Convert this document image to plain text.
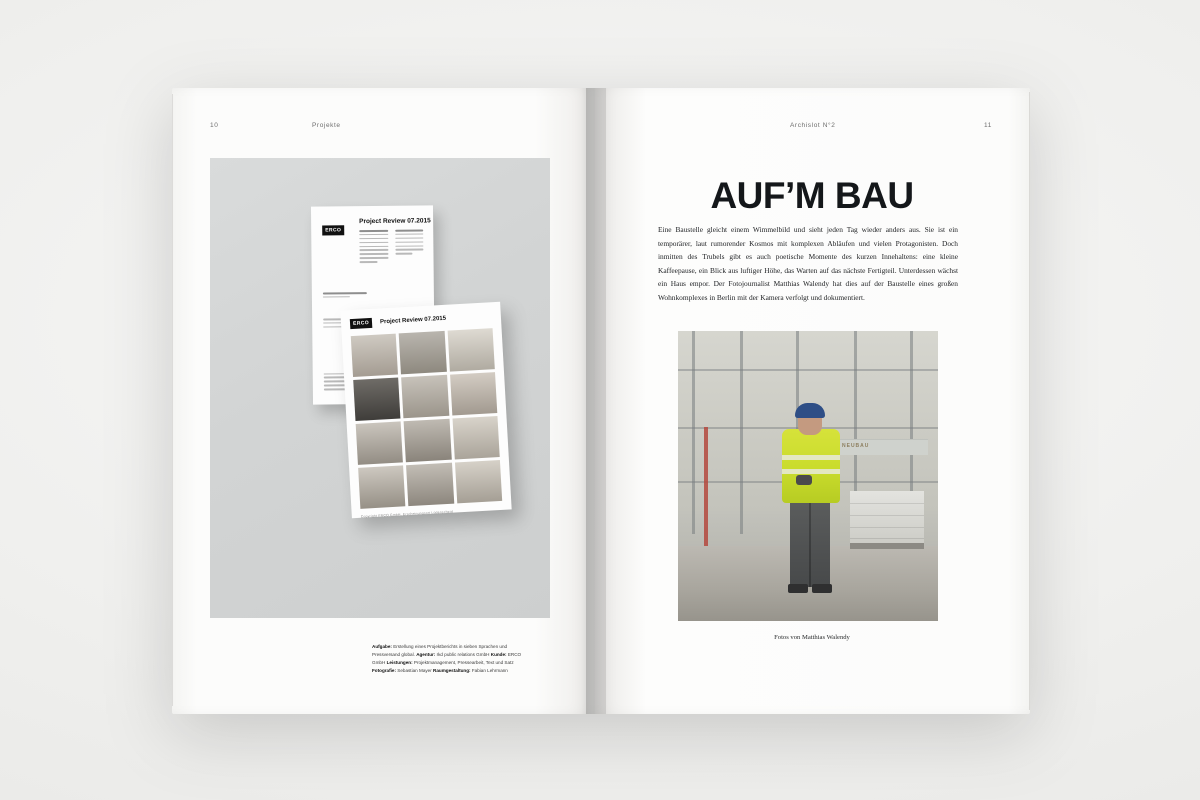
10	Projekte
ERCO
Project Review 07.2015
ERCO	Project Review 07.2015
Copyright ERCO GmbH, Erscheinungsort Lüdenscheid
Aufgabe: Erstellung eines Projektberichts in sieben Sprachen und Pressversand global. Agentur: rkd public relations GmbH Kunde: ERCO GmbH Leistungen: Projektmanagement, Pressearbeit, Text und Satz Fotografie: Sebastian Mayer Raumgestaltung: Fabian Lehrmann
Archislot N°2	11
AUF’M BAU

Eine Baustelle gleicht einem Wimmelbild und sieht jeden Tag wieder anders aus. Sie ist ein temporärer, laut rumorender Kosmos mit komplexen Abläufen und vielen Protagonisten. Doch inmitten des Trubels gibt es auch poetische Momente des kurzen Innehaltens: eine kleine Kaffeepause, ein Blick aus luftiger Höhe, das Warten auf das nächste Fertigteil. Unterdessen wächst ein Haus empor. Der Fotojournalist Matthias Walendy hat dies auf der Baustelle eines großen Wohnkomplexes in Berlin mit der Kamera verfolgt und dokumentiert.

NEUBAU
Fotos von Matthias Walendy
